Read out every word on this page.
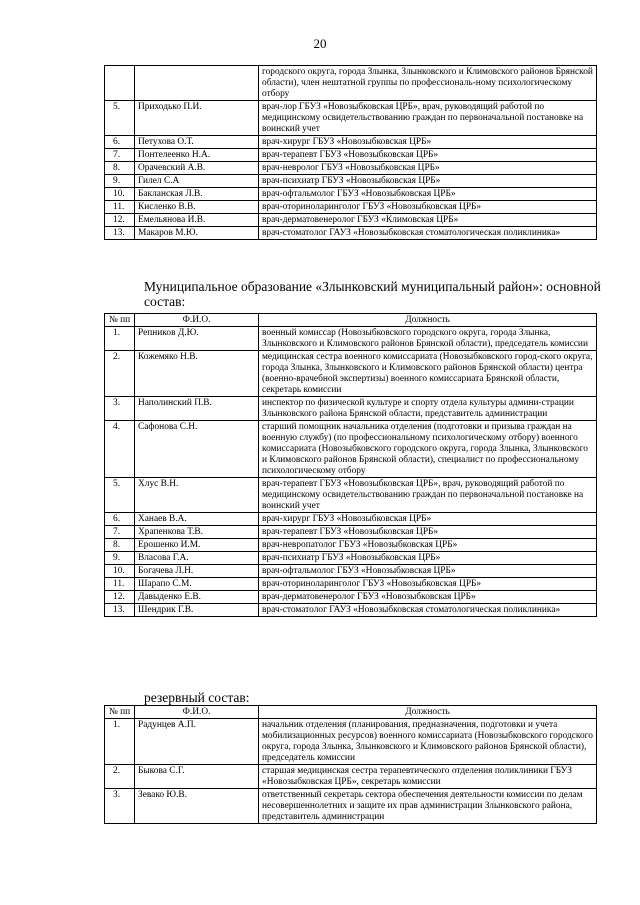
20
		городского округа, города Злынка, Злынковского и Климовского районов Брянской области), член нештатной группы по профессиональ-ному психологическому отбору
5.	Приходько П.И.	врач-лор ГБУЗ «Новозыбковская ЦРБ», врач, руководящий работой по медицинскому освидетельствованию граждан по первоначальной постановке на воинский учет
6.	Петухова О.Т.	врач-хирург ГБУЗ «Новозыбковская ЦРБ»
7.	Понтелеенко Н.А.	врач-терапевт ГБУЗ «Новозыбковская ЦРБ»
8.	Орачевский А.В.	врач-невролог ГБУЗ «Новозыбковская ЦРБ»
9.	Гилел С.А	врач-психиатр ГБУЗ «Новозыбковская ЦРБ»
10.	Бакланская Л.В.	врач-офтальмолог ГБУЗ «Новозыбковская ЦРБ»
11.	Кисленко В.В.	врач-оториноларинголог ГБУЗ «Новозыбковская ЦРБ»
12.	Емельянова И.В.	врач-дерматовенеролог ГБУЗ «Климовская ЦРБ»
13.	Макаров М.Ю.	врач-стоматолог ГАУЗ «Новозыбковская стоматологическая поликлиника»
Муниципальное образование «Злынковский муниципальный район»: основной состав:
№ пп	Ф.И.О.	Должность
1.	Репников Д.Ю.	военный комиссар (Новозыбковского городского округа, города Злынка, Злынковского и Климовского районов Брянской области), председатель комиссии
2.	Кожемяко Н.В.	медицинская сестра военного комиссариата (Новозыбковского город-ского округа, города Злынка, Злынковского и Климовского районов Брянской области) центра (военно-врачебной экспертизы) военного комиссариата Брянской области, секретарь комиссии
3.	Наполинский П.В.	инспектор по физической культуре и спорту отдела культуры админи-страции Злынковского района Брянской области, представитель администрации
4.	Сафонова С.Н.	старший помощник начальника отделения (подготовки и призыва граждан на военную службу) (по профессиональному психологическому отбору) военного комиссариата (Новозыбковского городского округа, города Злынка, Злынковского и Климовского районов Брянской области), специалист по профессиональному психологическому отбору
5.	Хлус В.Н.	врач-терапевт ГБУЗ «Новозыбковская ЦРБ», врач, руководящий работой по медицинскому освидетельствованию граждан по первоначальной постановке на воинский учет
6.	Ханаев В.А.	врач-хирург ГБУЗ «Новозыбковская ЦРБ»
7.	Храпенкова Т.В.	врач-терапевт ГБУЗ «Новозыбковская ЦРБ»
8.	Ерошенко И.М.	врач-невропатолог ГБУЗ «Новозыбковская ЦРБ»
9.	Власова Г.А.	врач-психиатр ГБУЗ «Новозыбковская ЦРБ»
10.	Богачева Л.Н.	врач-офтальмолог ГБУЗ «Новозыбковская ЦРБ»
11.	Шарапо С.М.	врач-оториноларинголог ГБУЗ «Новозыбковская ЦРБ»
12.	Давыденко Е.В.	врач-дерматовенеролог ГБУЗ «Новозыбковская ЦРБ»
13.	Шендрик Г.В.	врач-стоматолог ГАУЗ «Новозыбковская стоматологическая поликлиника»
резервный состав:
№ пп	Ф.И.О.	Должность
1.	Радунцев А.П.	начальник отделения (планирования, предназначения, подготовки и учета мобилизационных ресурсов) военного комиссариата (Новозыбковского городского округа, города Злынка, Злынковского и Климовского районов Брянской области), председатель комиссии
2.	Быкова С.Г.	старшая медицинская сестра терапевтического отделения поликлиники ГБУЗ «Новозыбковская ЦРБ», секретарь комиссии
3.	Зевако Ю.В.	ответственный секретарь сектора обеспечения деятельности комиссии по делам несовершеннолетних и защите их прав администрации Злынковского района, представитель администрации
